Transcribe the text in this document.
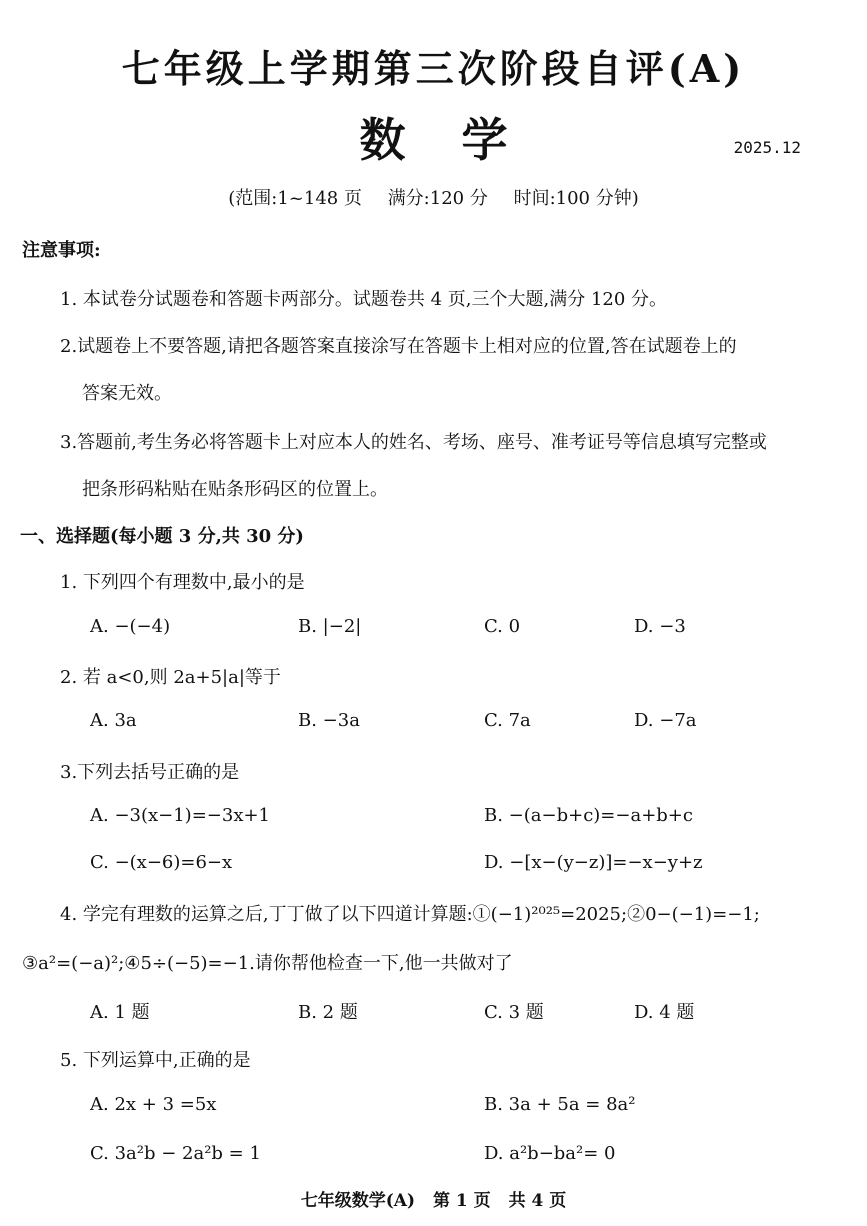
七年级上学期第三次阶段自评(A)
数学	2025.12
(范围:1~148 页 满分:120 分 时间:100 分钟)
注意事项:
1. 本试卷分试题卷和答题卡两部分。试题卷共 4 页,三个大题,满分 120 分。
2.试题卷上不要答题,请把各题答案直接涂写在答题卡上相对应的位置,答在试题卷上的
答案无效。
3.答题前,考生务必将答题卡上对应本人的姓名、考场、座号、准考证号等信息填写完整或
把条形码粘贴在贴条形码区的位置上。
一、选择题(每小题 3 分,共 30 分)
1. 下列四个有理数中,最小的是
A. −(−4)	B. |−2|	C. 0	D. −3
2. 若 a<0,则 2a+5|a|等于
A. 3a	B. −3a	C. 7a	D. −7a
3.下列去括号正确的是
A. −3(x−1)=−3x+1	B. −(a−b+c)=−a+b+c
C. −(x−6)=6−x	D. −[x−(y−z)]=−x−y+z
4. 学完有理数的运算之后,丁丁做了以下四道计算题:①(−1)²⁰²⁵=2025;②0−(−1)=−1;
③a²=(−a)²;④5÷(−5)=−1.请你帮他检查一下,他一共做对了
A. 1 题	B. 2 题	C. 3 题	D. 4 题
5. 下列运算中,正确的是
A. 2x + 3 =5x	B. 3a + 5a = 8a²
C. 3a²b − 2a²b = 1	D. a²b−ba²= 0
七年级数学(A) 第 1 页 共 4 页
